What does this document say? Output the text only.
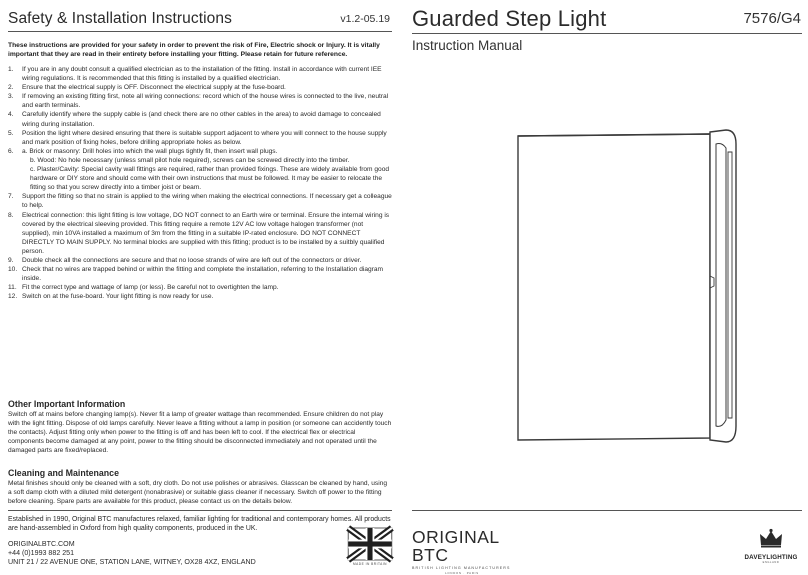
Safety & Installation Instructions	v1.2-05.19

These instructions are provided for your safety in order to prevent the risk of Fire, Electric shock or Injury. It is vitally important that they are read in their entirety before installing your fitting. Please retain for future reference.

1. If you are in any doubt consult a qualified electrician as to the installation of the fitting. Install in accordance with current IEE wiring regulations. It is recommended that this fitting is installed by a qualified electrician.
2. Ensure that the electrical supply is OFF. Disconnect the electrical supply at the fuse-board.
3. If removing an existing fitting first, note all wiring connections: record which of the house wires is connected to the live, neutral and earth terminals.
4. Carefully identify where the supply cable is (and check there are no other cables in the area) to avoid damage to concealed wiring during installation.
5. Position the light where desired ensuring that there is suitable support adjacent to where you will connect to the house supply and mark position of fixing holes, before drilling appropriate holes as below.
6. a. Brick or masonry: Drill holes into which the wall plugs tightly fit, then insert wall plugs.
b. Wood: No hole necessary (unless small pilot hole required), screws can be screwed directly into the timber.
c. Plaster/Cavity: Special cavity wall fittings are required, rather than provided fixings. These are widely available from good hardware or DIY store and should come with their own instructions that must be followed. It may be easier to relocate the fitting so that you screw directly into a timber joist or beam.
7. Support the fitting so that no strain is applied to the wiring when making the electrical connections. If necessary get a colleague to help.
8. Electrical connection: this light fitting is low voltage, DO NOT connect to an Earth wire or terminal. Ensure the internal wiring is covered by the electrical sleeving provided. This fitting require a remote 12V AC low voltage halogen transformer (not supplied), min 10VA installed a maximum of 3m from the fitting in a suitable IP-rated enclosure. DO NOT CONNECT DIRECTLY TO MAIN SUPPLY. No terminal blocks are supplied with this fitting; product is to be installed by a suitbly qualified person.
9. Double check all the connections are secure and that no loose strands of wire are left out of the connectors or driver.
10. Check that no wires are trapped behind or within the fitting and complete the installation, referring to the Installation diagram inside.
11. Fit the correct type and wattage of lamp (or less). Be careful not to overtighten the lamp.
12. Switch on at the fuse-board. Your light fitting is now ready for use.
Other Important Information

Switch off at mains before changing lamp(s). Never fit a lamp of greater wattage than recommended. Ensure children do not play with the light fitting. Dispose of old lamps carefully. Never leave a fitting without a lamp in position (or someone can accidently touch the contacts). Adjust fitting only when power to the fitting is off and has been left to cool. If the electrical flex or electrical components become damaged at any point, power to the fitting should be disconnected immediately and not operated until the damaged parts are fixed/replaced.

Cleaning and Maintenance

Metal finishes should only be cleaned with a soft, dry cloth. Do not use polishes or abrasives. Glasscan be cleaned by hand, using a soft damp cloth with a diluted mild detergent (nonabrasive) or suitable glass cleaner if necessary. Switch off power to the fitting before cleaning. Spare parts are available for this product, please contact us on the details below.

Established in 1990, Original BTC manufactures relaxed, familiar lighting for traditional and contemporary homes. All products are hand-assembled in Oxford from high quality components, produced in the UK.

ORIGINALBTC.COM
+44 (0)1993 882 251
UNIT 21 / 22 AVENUE ONE, STATION LANE, WITNEY, OX28 4XZ, ENGLAND	MADE IN BRITAIN
Guarded Step Light	7576/G4
Instruction Manual
ORIGINAL BTC
BRITISH LIGHTING MANUFACTURERS
LONDON · PARIS
DAVEYLIGHTING
ENGLAND
